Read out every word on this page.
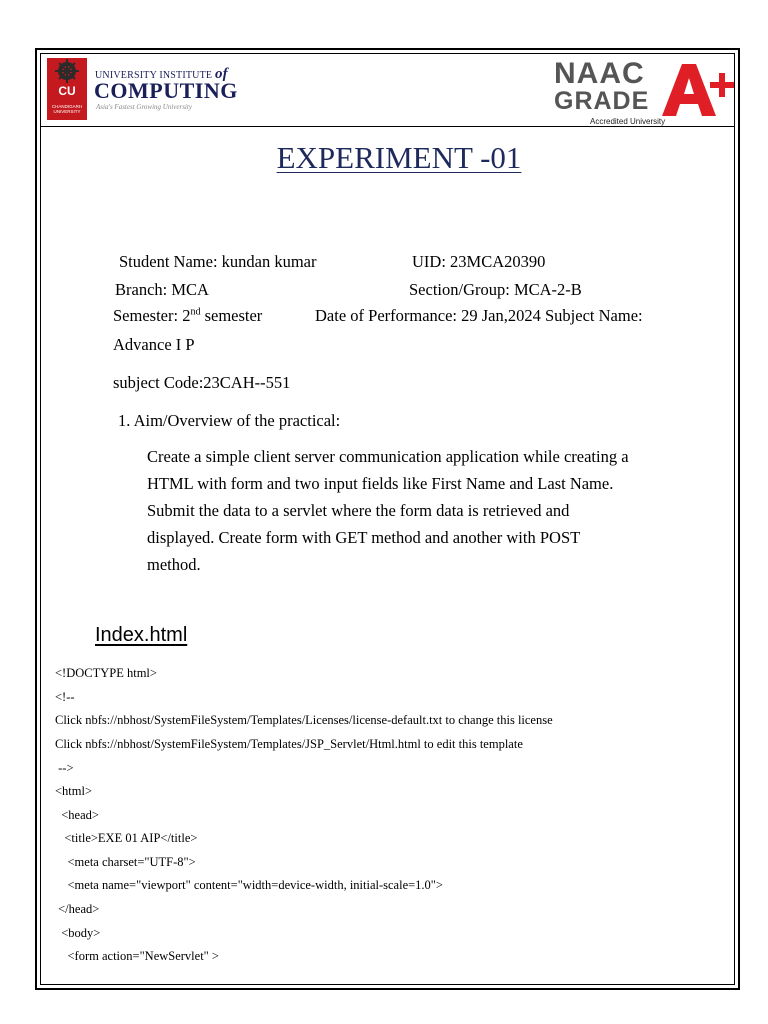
CU
CHANDIGARH UNIVERSITY
UNIVERSITY INSTITUTE of
COMPUTING
Asia's Fastest Growing University
NAAC
GRADE
Accredited University
EXPERIMENT -01
Student Name: kundan kumar	UID: 23MCA20390
Branch: MCA	Section/Group: MCA-2-B
Semester: 2nd semester	Date of Performance: 29 Jan,2024 Subject Name:
Advance I P
subject Code:23CAH--551
1. Aim/Overview of the practical:
Create a simple client server communication application while creating a
HTML with form and two input fields like First Name and Last Name.
Submit the data to a servlet where the form data is retrieved and
displayed. Create form with GET method and another with POST
method.
Index.html
<!DOCTYPE html>
<!--
Click nbfs://nbhost/SystemFileSystem/Templates/Licenses/license-default.txt to change this license
Click nbfs://nbhost/SystemFileSystem/Templates/JSP_Servlet/Html.html to edit this template
-->
<html>
<head>
<title>EXE 01 AIP</title>
<meta charset="UTF-8">
<meta name="viewport" content="width=device-width, initial-scale=1.0">
</head>
<body>
<form action="NewServlet" >
